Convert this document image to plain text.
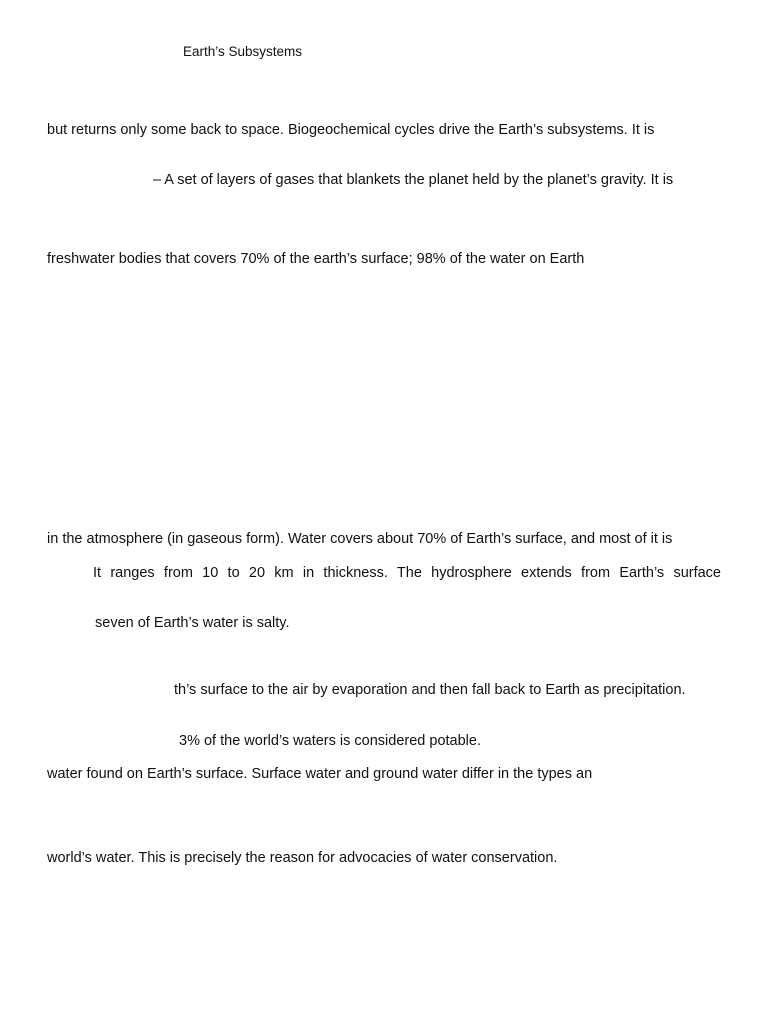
Earth’s Subsystems

but returns only some back to space. Biogeochemical cycles drive the Earth’s subsystems. It is

– A set of layers of gases that blankets the planet held by the planet’s gravity. It is

freshwater bodies that covers 70% of the earth’s surface; 98% of the water on Earth

in the atmosphere (in gaseous form). Water covers about 70% of Earth’s surface, and most of it is

It ranges from 10 to 20 km in thickness. The hydrosphere extends from Earth’s surface

seven of Earth’s water is salty.

th’s surface to the air by evaporation and then fall back to Earth as precipitation.

3% of the world’s waters is considered potable.

water found on Earth’s surface. Surface water and ground water differ in the types an

world’s water. This is precisely the reason for advocacies of water conservation.
